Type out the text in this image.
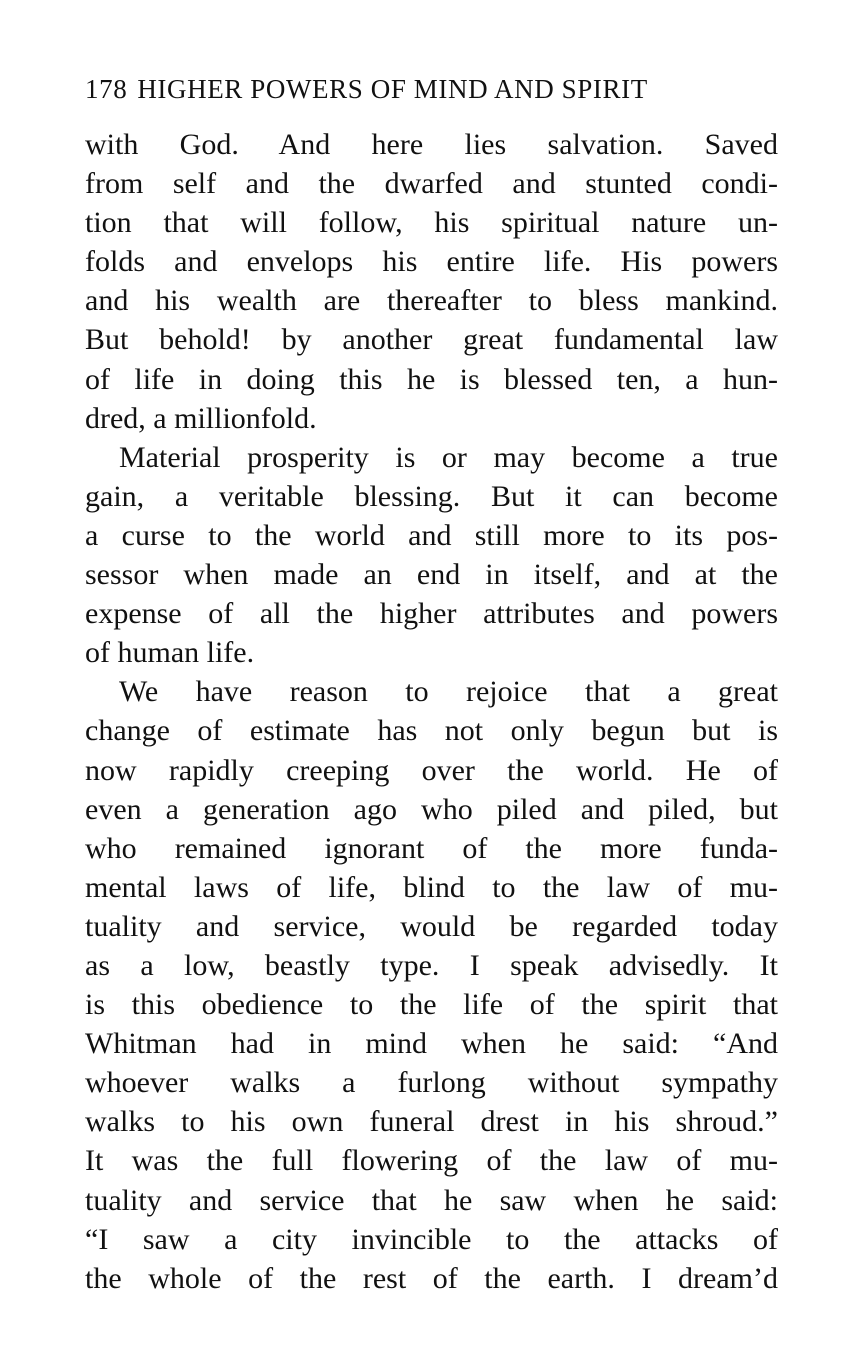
178 HIGHER POWERS OF MIND AND SPIRIT
with God. And here lies salvation. Saved
from self and the dwarfed and stunted condi-
tion that will follow, his spiritual nature un-
folds and envelops his entire life. His powers
and his wealth are thereafter to bless mankind.
But behold! by another great fundamental law
of life in doing this he is blessed ten, a hun-
dred, a millionfold.
Material prosperity is or may become a true
gain, a veritable blessing. But it can become
a curse to the world and still more to its pos-
sessor when made an end in itself, and at the
expense of all the higher attributes and powers
of human life.
We have reason to rejoice that a great
change of estimate has not only begun but is
now rapidly creeping over the world. He of
even a generation ago who piled and piled, but
who remained ignorant of the more funda-
mental laws of life, blind to the law of mu-
tuality and service, would be regarded today
as a low, beastly type. I speak advisedly. It
is this obedience to the life of the spirit that
Whitman had in mind when he said: “And
whoever walks a furlong without sympathy
walks to his own funeral drest in his shroud.”
It was the full flowering of the law of mu-
tuality and service that he saw when he said:
“I saw a city invincible to the attacks of
the whole of the rest of the earth. I dream’d
